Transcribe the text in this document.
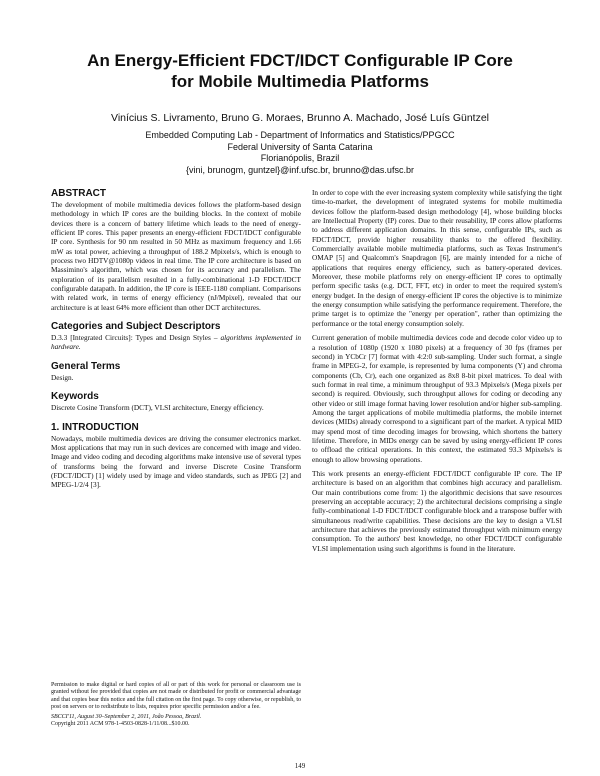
An Energy-Efficient FDCT/IDCT Configurable IP Core
for Mobile Multimedia Platforms
Vinícius S. Livramento, Bruno G. Moraes, Brunno A. Machado, José Luís Güntzel
Embedded Computing Lab - Department of Informatics and Statistics/PPGCC
Federal University of Santa Catarina
Florianópolis, Brazil
{vini, brunogm, guntzel}@inf.ufsc.br, brunno@das.ufsc.br
ABSTRACT

The development of mobile multimedia devices follows the platform-based design methodology in which IP cores are the building blocks. In the context of mobile devices there is a concern of battery lifetime which leads to the need of energy-efficient IP cores. This paper presents an energy-efficient FDCT/IDCT configurable IP core. Synthesis for 90 nm resulted in 50 MHz as maximum frequency and 1.66 mW as total power, achieving a throughput of 188.2 Mpixels/s, which is enough to process two HDTV@1080p videos in real time. The IP core architecture is based on Massimino's algorithm, which was chosen for its accuracy and parallelism. The exploration of its parallelism resulted in a fully-combinational 1-D FDCT/IDCT configurable datapath. In addition, the IP core is IEEE-1180 compliant. Comparisons with related work, in terms of energy efficiency (nJ/Mpixel), revealed that our architecture is at least 64% more efficient than other DCT architectures.

Categories and Subject Descriptors

D.3.3 [Integrated Circuits]: Types and Design Styles – algorithms implemented in hardware.

General Terms

Design.

Keywords

Discrete Cosine Transform (DCT), VLSI architecture, Energy efficiency.

1. INTRODUCTION

Nowadays, mobile multimedia devices are driving the consumer electronics market. Most applications that may run in such devices are concerned with image and video. Image and video coding and decoding algorithms make intensive use of several types of transforms being the forward and inverse Discrete Cosine Transform (FDCT/IDCT) [1] widely used by image and video standards, such as JPEG [2] and MPEG-1/2/4 [3].

In order to cope with the ever increasing system complexity while satisfying the tight time-to-market, the development of integrated systems for mobile multimedia devices follow the platform-based design methodology [4], whose building blocks are Intellectual Property (IP) cores. Due to their reusability, IP cores allow platforms to address different application domains. In this sense, configurable IPs, such as FDCT/IDCT, provide higher reusability thanks to the offered flexibility. Commercially available mobile multimedia platforms, such as Texas Instrument's OMAP [5] and Qualcomm's Snapdragon [6], are mainly intended for a niche of applications that requires energy efficiency, such as battery-operated devices. Moreover, these mobile platforms rely on energy-efficient IP cores to optimally perform specific tasks (e.g. DCT, FFT, etc) in order to meet the required system's energy budget. In the design of energy-efficient IP cores the objective is to minimize the energy consumption while satisfying the performance requirement. Therefore, the prime target is to optimize the "energy per operation", rather than optimizing the performance or the total energy consumption solely.

Current generation of mobile multimedia devices code and decode color video up to a resolution of 1080p (1920 x 1080 pixels) at a frequency of 30 fps (frames per second) in YCbCr [7] format with 4:2:0 sub-sampling. Under such format, a single frame in MPEG-2, for example, is represented by luma components (Y) and chroma components (Cb, Cr), each one organized as 8x8 8-bit pixel matrices. To deal with such format in real time, a minimum throughput of 93.3 Mpixels/s (Mega pixels per second) is required. Obviously, such throughput allows for coding or decoding any other video or still image format having lower resolution and/or higher sub-sampling. Among the target applications of mobile multimedia platforms, the mobile internet devices (MIDs) already correspond to a significant part of the market. A typical MID may spend most of time decoding images for browsing, which shortens the battery lifetime. Therefore, in MIDs energy can be saved by using energy-efficient IP cores to offload the critical operations. In this context, the estimated 93.3 Mpixels/s is enough to allow browsing operations.

This work presents an energy-efficient FDCT/IDCT configurable IP core. The IP architecture is based on an algorithm that combines high accuracy and parallelism. Our main contributions come from: 1) the algorithmic decisions that save resources preserving an acceptable accuracy; 2) the architectural decisions comprising a single fully-combinational 1-D FDCT/IDCT configurable block and a transpose buffer with simultaneous read/write capabilities. These decisions are the key to design a VLSI architecture that achieves the previously estimated throughput with minimum energy consumption. To the authors' best knowledge, no other FDCT/IDCT configurable VLSI implementation using such algorithms is found in the literature.

Permission to make digital or hard copies of all or part of this work for personal or classroom use is granted without fee provided that copies are not made or distributed for profit or commercial advantage and that copies bear this notice and the full citation on the first page. To copy otherwise, or republish, to post on servers or to redistribute to lists, requires prior specific permission and/or a fee.

SBCCI'11, August 30–September 2, 2011, João Pessoa, Brazil.

Copyright 2011 ACM 978-1-4503-0828-1/11/08...$10.00.

149
